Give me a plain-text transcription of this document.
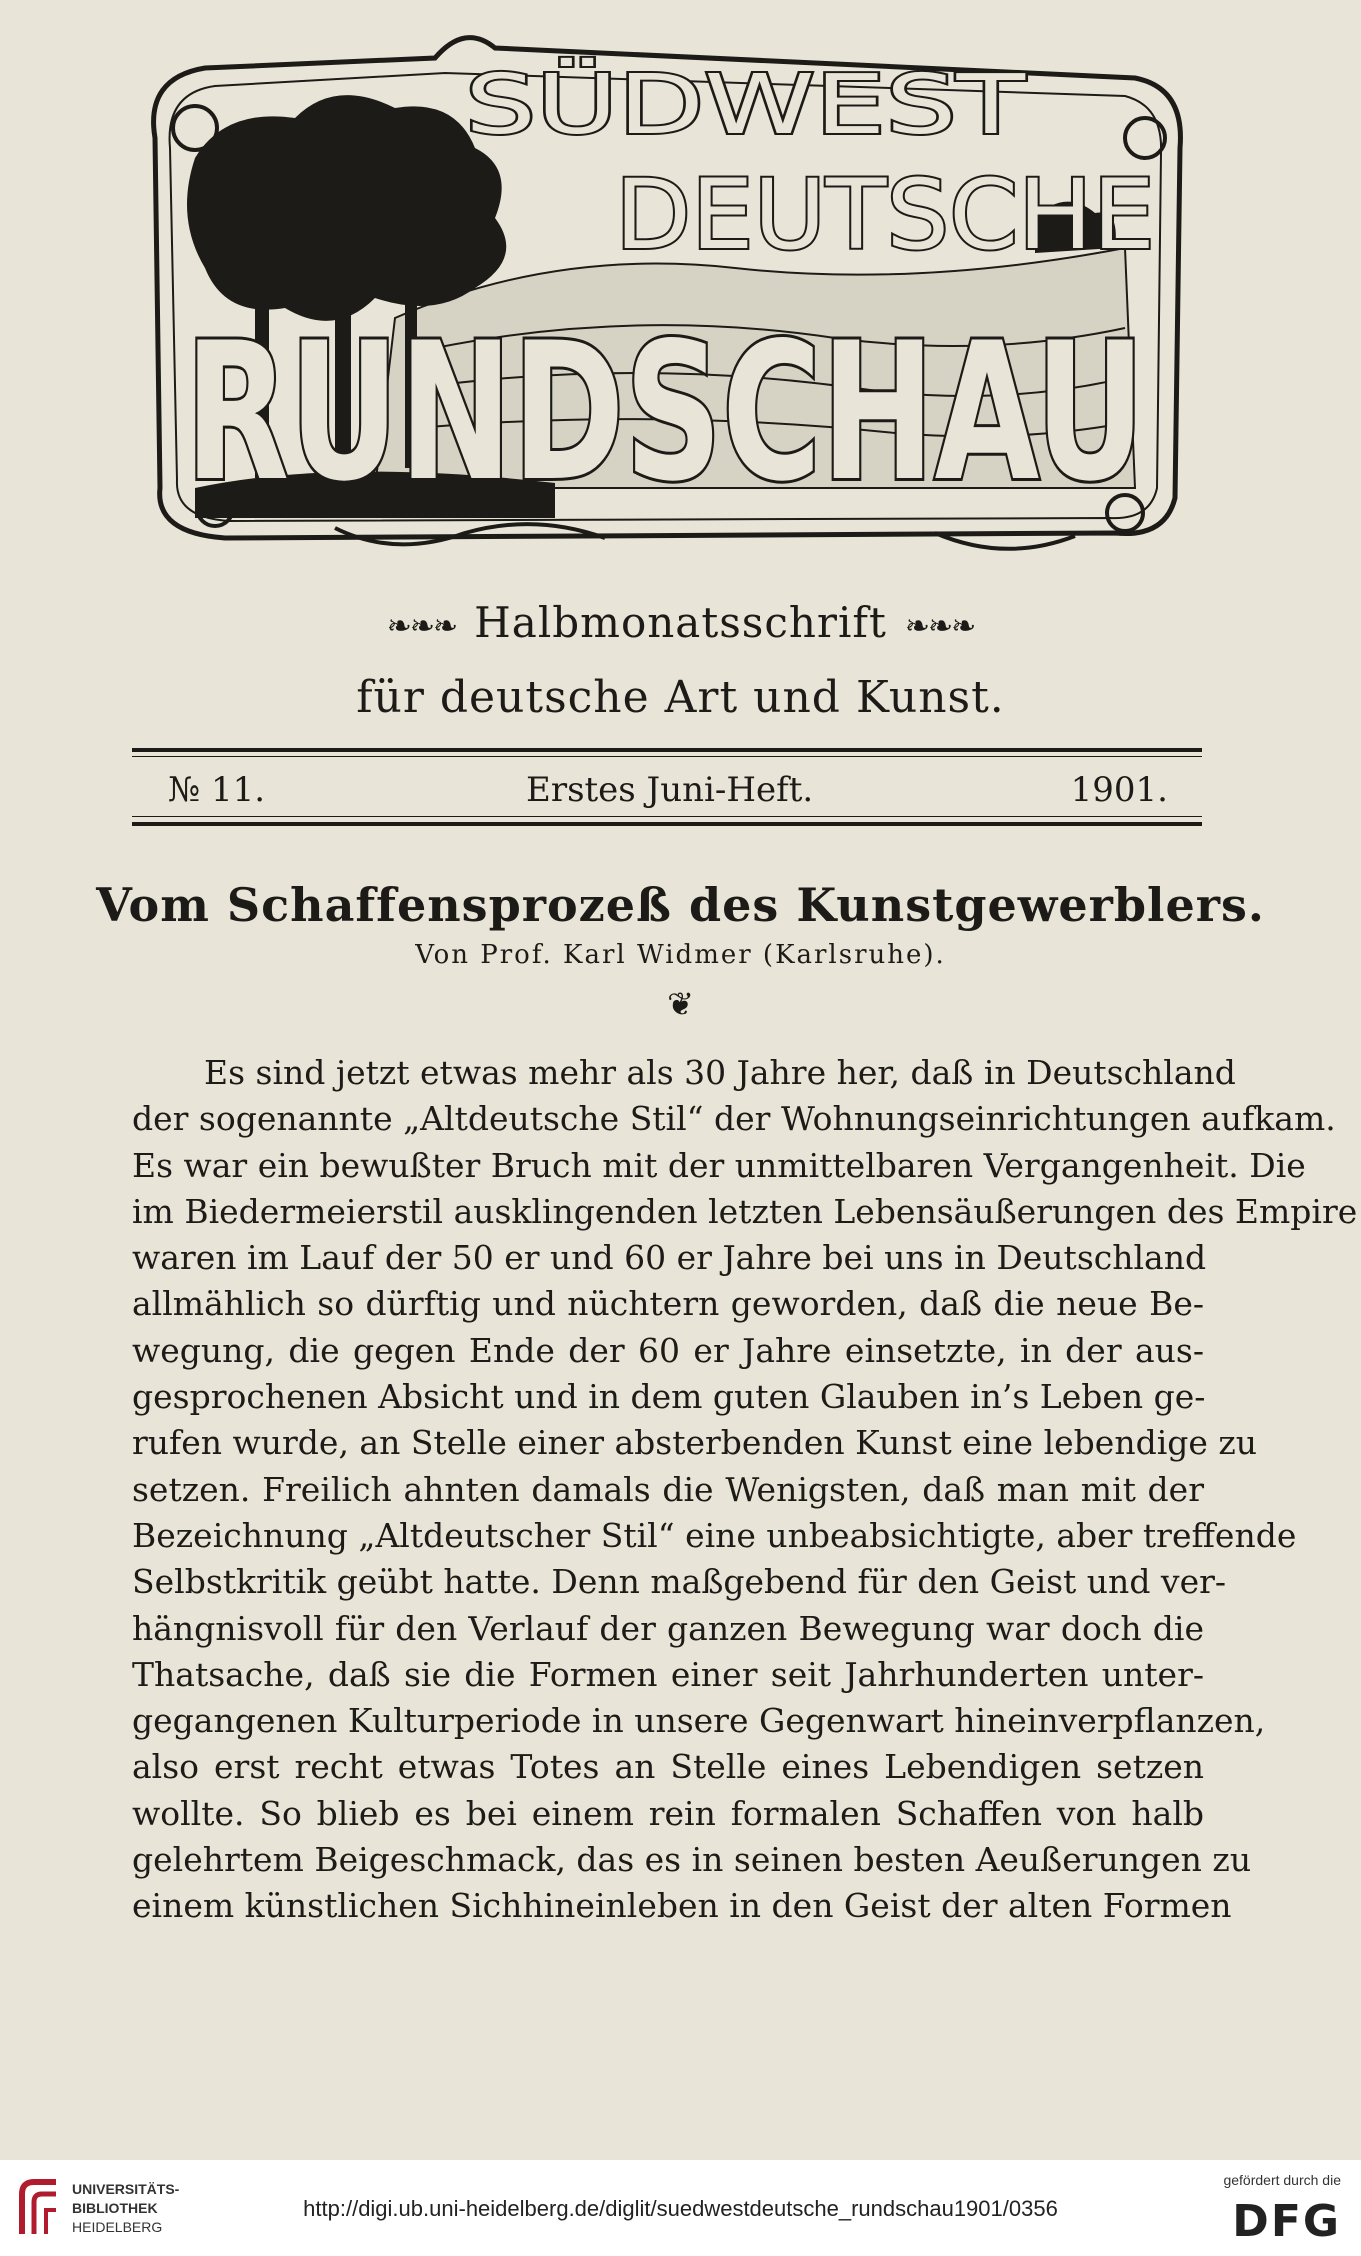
SÜDWEST
DEUTSCHE
RUNDSCHAU
❧❧❧ Halbmonatsschrift ❧❧❧
für deutsche Art und Kunst.
№ 11.	Erstes Juni-Heft.	1901.
Vom Schaffensprozeß des Kunstgewerblers.
Von Prof. Karl Widmer (Karlsruhe).
❦
Es sind jetzt etwas mehr als 30 Jahre her, daß in Deutschland
der sogenannte „Altdeutsche Stil“ der Wohnungseinrichtungen aufkam.
Es war ein bewußter Bruch mit der unmittelbaren Vergangenheit. Die
im Biedermeierstil ausklingenden letzten Lebensäußerungen des Empire
waren im Lauf der 50 er und 60 er Jahre bei uns in Deutschland
allmählich so dürftig und nüchtern geworden, daß die neue Be-
wegung, die gegen Ende der 60 er Jahre einsetzte, in der aus-
gesprochenen Absicht und in dem guten Glauben in’s Leben ge-
rufen wurde, an Stelle einer absterbenden Kunst eine lebendige zu
setzen. Freilich ahnten damals die Wenigsten, daß man mit der
Bezeichnung „Altdeutscher Stil“ eine unbeabsichtigte, aber treffende
Selbstkritik geübt hatte. Denn maßgebend für den Geist und ver-
hängnisvoll für den Verlauf der ganzen Bewegung war doch die
Thatsache, daß sie die Formen einer seit Jahrhunderten unter-
gegangenen Kulturperiode in unsere Gegenwart hineinverpflanzen,
also erst recht etwas Totes an Stelle eines Lebendigen setzen
wollte. So blieb es bei einem rein formalen Schaffen von halb
gelehrtem Beigeschmack, das es in seinen besten Aeußerungen zu
einem künstlichen Sichhineinleben in den Geist der alten Formen
UNIVERSITÄTS-
BIBLIOTHEK
HEIDELBERG
http://digi.ub.uni-heidelberg.de/diglit/suedwestdeutsche_rundschau1901/0356
gefördert durch die
DFG
